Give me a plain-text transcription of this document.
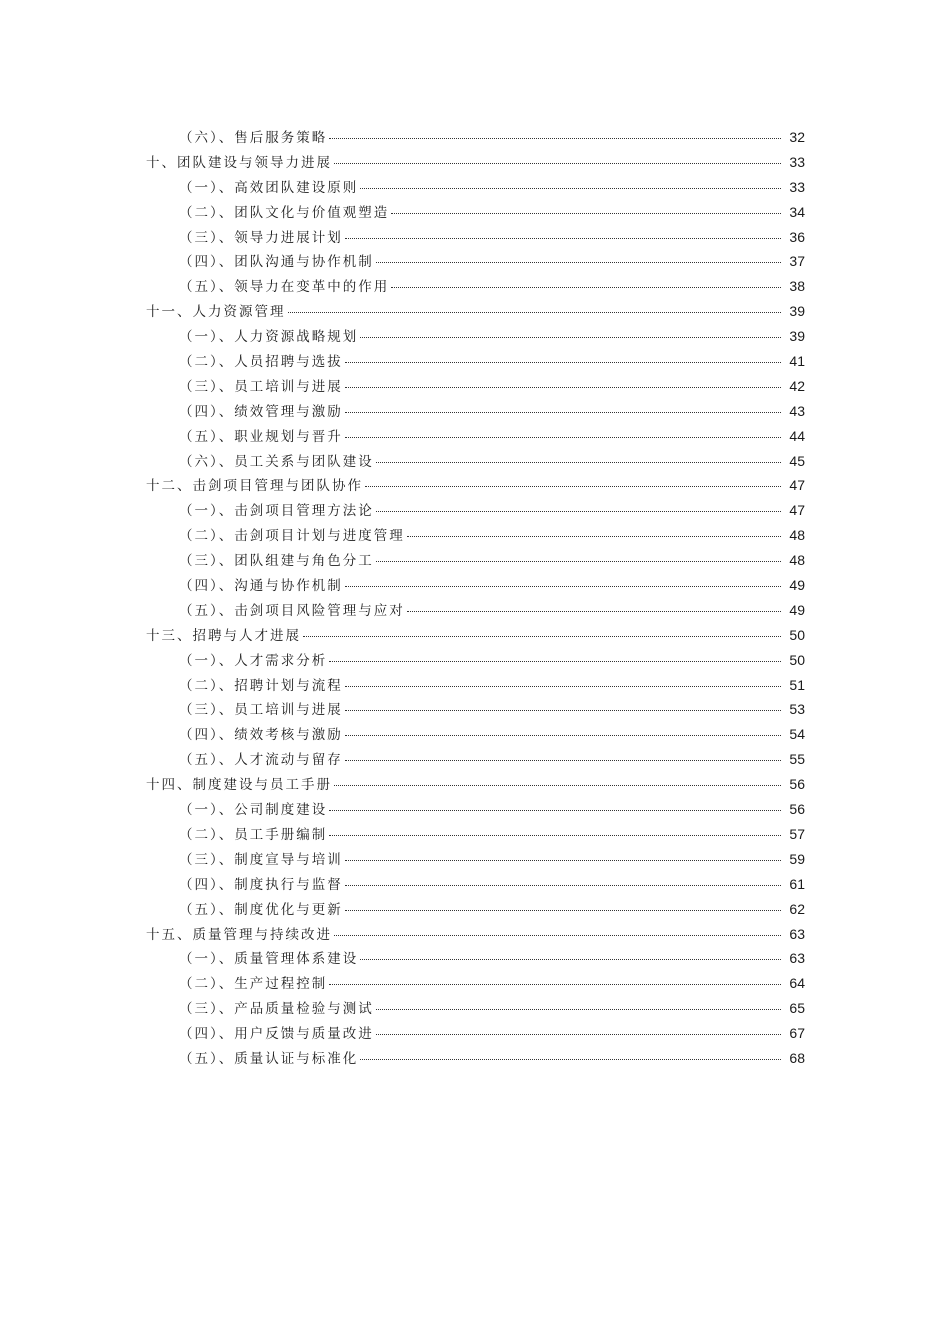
（六）、售后服务策略	32
十、团队建设与领导力进展	33
（一）、高效团队建设原则	33
（二）、团队文化与价值观塑造	34
（三）、领导力进展计划	36
（四）、团队沟通与协作机制	37
（五）、领导力在变革中的作用	38
十一、人力资源管理	39
（一）、人力资源战略规划	39
（二）、人员招聘与选拔	41
（三）、员工培训与进展	42
（四）、绩效管理与激励	43
（五）、职业规划与晋升	44
（六）、员工关系与团队建设	45
十二、击剑项目管理与团队协作	47
（一）、击剑项目管理方法论	47
（二）、击剑项目计划与进度管理	48
（三）、团队组建与角色分工	48
（四）、沟通与协作机制	49
（五）、击剑项目风险管理与应对	49
十三、招聘与人才进展	50
（一）、人才需求分析	50
（二）、招聘计划与流程	51
（三）、员工培训与进展	53
（四）、绩效考核与激励	54
（五）、人才流动与留存	55
十四、制度建设与员工手册	56
（一）、公司制度建设	56
（二）、员工手册编制	57
（三）、制度宣导与培训	59
（四）、制度执行与监督	61
（五）、制度优化与更新	62
十五、质量管理与持续改进	63
（一）、质量管理体系建设	63
（二）、生产过程控制	64
（三）、产品质量检验与测试	65
（四）、用户反馈与质量改进	67
（五）、质量认证与标准化	68
